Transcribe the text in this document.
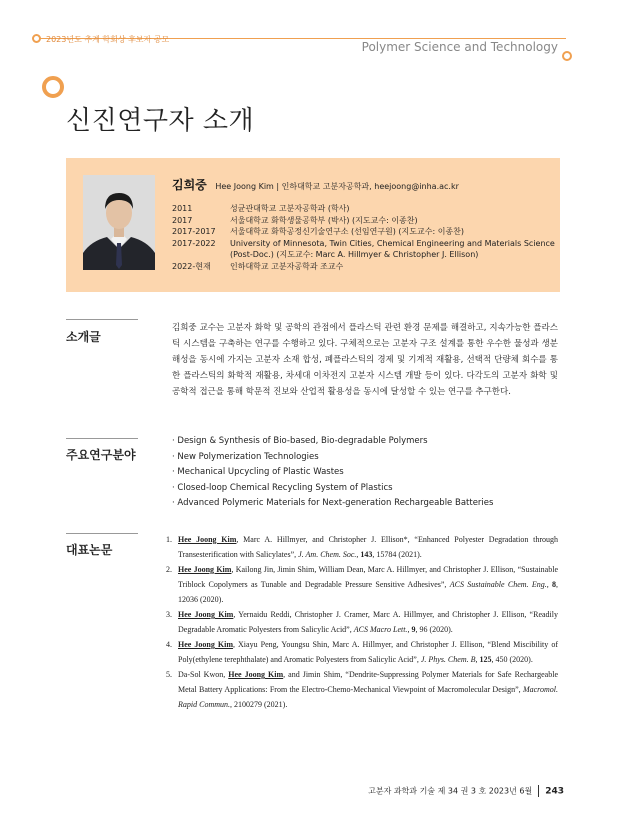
2023년도 추계 학회상 후보자 공모
Polymer Science and Technology
신진연구자 소개
김희중 Hee Joong Kim | 인하대학교 고분자공학과, heejoong@inha.ac.kr
2011	성균관대학교 고분자공학과 (학사)
2017	서울대학교 화학생물공학부 (박사) (지도교수: 이종찬)
2017-2017	서울대학교 화학공정신기술연구소 (선임연구원) (지도교수: 이종찬)
2017-2022	University of Minnesota, Twin Cities, Chemical Engineering and Materials Science (Post-Doc.) (지도교수: Marc A. Hillmyer & Christopher J. Ellison)
2022-현재	인하대학교 고분자공학과 조교수
소개글
김희중 교수는 고분자 화학 및 공학의 관점에서 플라스틱 관련 환경 문제를 해결하고, 지속가능한 플라스틱 시스템을 구축하는 연구를 수행하고 있다. 구체적으로는 고분자 구조 설계를 통한 우수한 물성과 생분해성을 동시에 가지는 고분자 소재 합성, 폐플라스틱의 경제 및 기계적 재활용, 선택적 단량체 회수를 통한 플라스틱의 화학적 재활용, 차세대 이차전지 고분자 시스템 개발 등이 있다. 다각도의 고분자 화학 및 공학적 접근을 통해 학문적 진보와 산업적 활용성을 동시에 달성할 수 있는 연구를 추구한다.
주요연구분야
· Design & Synthesis of Bio-based, Bio-degradable Polymers
· New Polymerization Technologies
· Mechanical Upcycling of Plastic Wastes
· Closed-loop Chemical Recycling System of Plastics
· Advanced Polymeric Materials for Next-generation Rechargeable Batteries
대표논문
1. Hee Joong Kim, Marc A. Hillmyer, and Christopher J. Ellison*, “Enhanced Polyester Degradation through Transesterification with Salicylates”, J. Am. Chem. Soc., 143, 15784 (2021).
2. Hee Joong Kim, Kailong Jin, Jimin Shim, William Dean, Marc A. Hillmyer, and Christopher J. Ellison, “Sustainable Triblock Copolymers as Tunable and Degradable Pressure Sensitive Adhesives”, ACS Sustainable Chem. Eng., 8, 12036 (2020).
3. Hee Joong Kim, Yernaidu Reddi, Christopher J. Cramer, Marc A. Hillmyer, and Christopher J. Ellison, “Readily Degradable Aromatic Polyesters from Salicylic Acid”, ACS Macro Lett., 9, 96 (2020).
4. Hee Joong Kim, Xiayu Peng, Youngsu Shin, Marc A. Hillmyer, and Christopher J. Ellison, “Blend Miscibility of Poly(ethylene terephthalate) and Aromatic Polyesters from Salicylic Acid”, J. Phys. Chem. B, 125, 450 (2020).
5. Da-Sol Kwon, Hee Joong Kim, and Jimin Shim, “Dendrite-Suppressing Polymer Materials for Safe Rechargeable Metal Battery Applications: From the Electro-Chemo-Mechanical Viewpoint of Macromolecular Design”, Macromol. Rapid Commun., 2100279 (2021).
고분자 과학과 기술 제 34 권 3 호 2023년 6월 243
